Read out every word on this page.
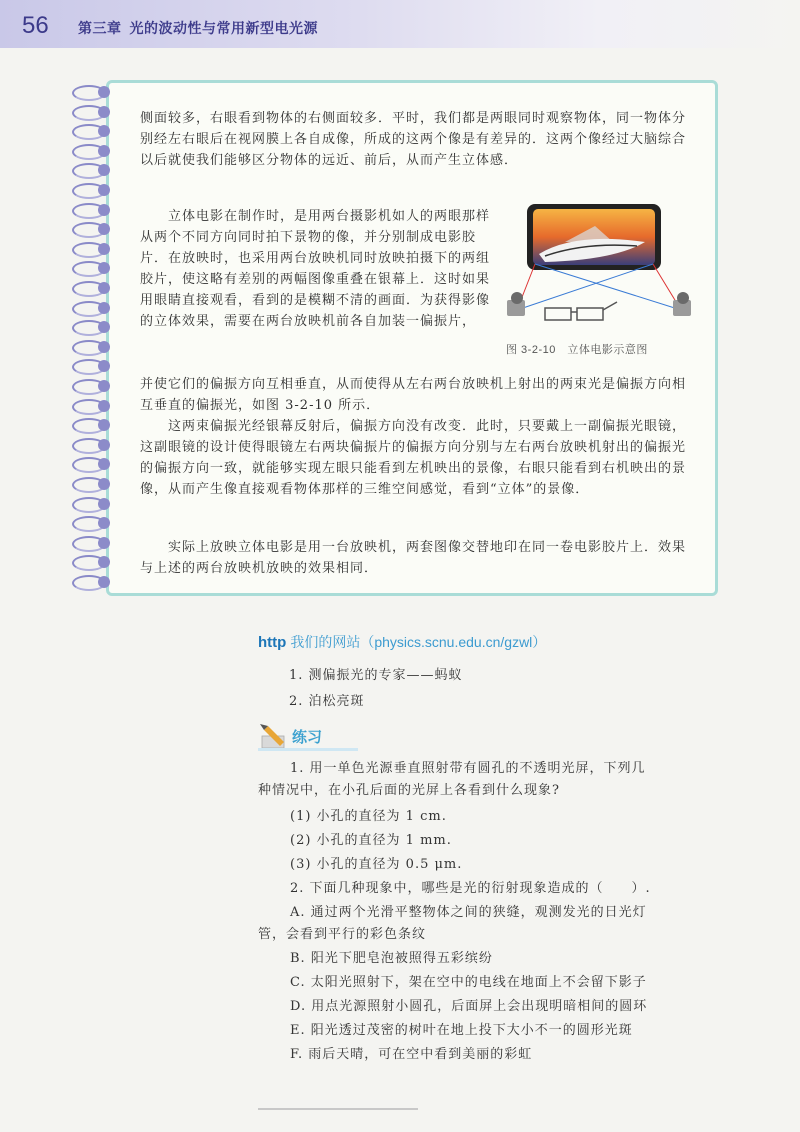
56 第三章 光的波动性与常用新型电光源
侧面较多，右眼看到物体的右侧面较多．平时，我们都是两眼同时观察物体，同一物体分别经左右眼后在视网膜上各自成像，所成的这两个像是有差异的．这两个像经过大脑综合以后就使我们能够区分物体的远近、前后，从而产生立体感．
立体电影在制作时，是用两台摄影机如人的两眼那样从两个不同方向同时拍下景物的像，并分别制成电影胶片．在放映时，也采用两台放映机同时放映拍摄下的两组胶片，使这略有差别的两幅图像重叠在银幕上．这时如果用眼睛直接观看，看到的是模糊不清的画面．为获得影像的立体效果，需要在两台放映机前各自加装一偏振片，
并使它们的偏振方向互相垂直，从而使得从左右两台放映机上射出的两束光是偏振方向相互垂直的偏振光，如图 3-2-10 所示．
这两束偏振光经银幕反射后，偏振方向没有改变．此时，只要戴上一副偏振光眼镜，这副眼镜的设计使得眼镜左右两块偏振片的偏振方向分别与左右两台放映机射出的偏振光的偏振方向一致，就能够实现左眼只能看到左机映出的景像，右眼只能看到右机映出的景像，从而产生像直接观看物体那样的三维空间感觉，看到“立体”的景像．
实际上放映立体电影是用一台放映机，两套图像交替地印在同一卷电影胶片上．效果与上述的两台放映机放映的效果相同．
图 3-2-10　立体电影示意图
http 我们的网站（physics.scnu.edu.cn/gzwl）
1. 测偏振光的专家——蚂蚁
2. 泊松亮斑
练习
1. 用一单色光源垂直照射带有圆孔的不透明光屏，下列几
种情况中，在小孔后面的光屏上各看到什么现象?
(1) 小孔的直径为 1 cm.
(2) 小孔的直径为 1 mm.
(3) 小孔的直径为 0.5 μm.
2. 下面几种现象中，哪些是光的衍射现象造成的（　　）.
A. 通过两个光滑平整物体之间的狭缝，观测发光的日光灯
管，会看到平行的彩色条纹
B. 阳光下肥皂泡被照得五彩缤纷
C. 太阳光照射下，架在空中的电线在地面上不会留下影子
D. 用点光源照射小圆孔，后面屏上会出现明暗相间的圆环
E. 阳光透过茂密的树叶在地上投下大小不一的圆形光斑
F. 雨后天晴，可在空中看到美丽的彩虹
